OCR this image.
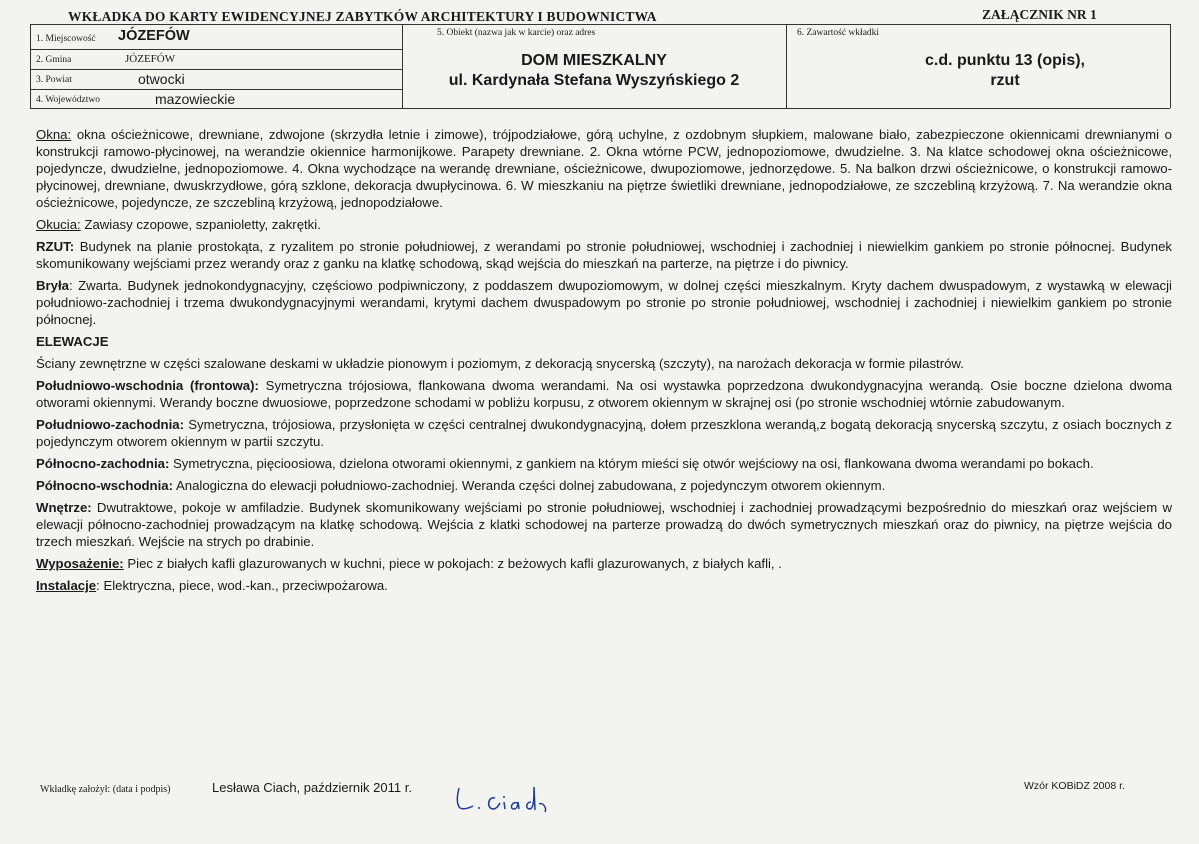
WKŁADKA DO KARTY EWIDENCYJNEJ ZABYTKÓW ARCHITEKTURY I BUDOWNICTWA	ZAŁĄCZNIK NR 1
1. Miejscowość JÓZEFÓW
2. Gmina	JÓZEFÓW
3. Powiat	otwocki
4. Województwo	mazowieckie
5. Obiekt (nazwa jak w karcie) oraz adres
DOM MIESZKALNY
ul. Kardynała Stefana Wyszyńskiego 2
6. Zawartość wkładki
c.d. punktu 13 (opis),
rzut

Okna: okna ościeżnicowe, drewniane, zdwojone (skrzydła letnie i zimowe), trójpodziałowe, górą uchylne, z ozdobnym słupkiem, malowane biało, zabezpieczone okiennicami drewnianymi o konstrukcji ramowo-płycinowej, na werandzie okiennice harmonijkowe. Parapety drewniane. 2. Okna wtórne PCW, jednopoziomowe, dwudzielne. 3. Na klatce schodowej okna ościeżnicowe, pojedyncze, dwudzielne, jednopoziomowe. 4. Okna wychodzące na werandę drewniane, ościeżnicowe, dwupoziomowe, jednorzędowe. 5. Na balkon drzwi ościeżnicowe, o konstrukcji ramowo-płycinowej, drewniane, dwuskrzydłowe, górą szklone, dekoracja dwupłycinowa. 6. W mieszkaniu na piętrze świetliki drewniane, jednopodziałowe, ze szczebliną krzyżową. 7. Na werandzie okna ościeżnicowe, pojedyncze, ze szczebliną krzyżową, jednopodziałowe.

Okucia: Zawiasy czopowe, szpanioletty, zakrętki.

RZUT: Budynek na planie prostokąta, z ryzalitem po stronie południowej, z werandami po stronie południowej, wschodniej i zachodniej i niewielkim gankiem po stronie północnej. Budynek skomunikowany wejściami przez werandy oraz z ganku na klatkę schodową, skąd wejścia do mieszkań na parterze, na piętrze i do piwnicy.

Bryła: Zwarta. Budynek jednokondygnacyjny, częściowo podpiwniczony, z poddaszem dwupoziomowym, w dolnej części mieszkalnym. Kryty dachem dwuspadowym, z wystawką w elewacji południowo-zachodniej i trzema dwukondygnacyjnymi werandami, krytymi dachem dwuspadowym po stronie po stronie południowej, wschodniej i zachodniej i niewielkim gankiem po stronie północnej.

ELEWACJE

Ściany zewnętrzne w części szalowane deskami w układzie pionowym i poziomym, z dekoracją snycerską (szczyty), na narożach dekoracja w formie pilastrów.

Południowo-wschodnia (frontowa): Symetryczna trójosiowa, flankowana dwoma werandami. Na osi wystawka poprzedzona dwukondygnacyjna werandą. Osie boczne dzielona dwoma otworami okiennymi. Werandy boczne dwuosiowe, poprzedzone schodami w pobliżu korpusu, z otworem okiennym w skrajnej osi (po stronie wschodniej wtórnie zabudowanym.

Południowo-zachodnia: Symetryczna, trójosiowa, przysłonięta w części centralnej dwukondygnacyjną, dołem przeszklona werandą,z bogatą dekoracją snycerską szczytu, z osiach bocznych z pojedynczym otworem okiennym w partii szczytu.

Północno-zachodnia: Symetryczna, pięcioosiowa, dzielona otworami okiennymi, z gankiem na którym mieści się otwór wejściowy na osi, flankowana dwoma werandami po bokach.

Północno-wschodnia: Analogiczna do elewacji południowo-zachodniej. Weranda części dolnej zabudowana, z pojedynczym otworem okiennym.

Wnętrze: Dwutraktowe, pokoje w amfiladzie. Budynek skomunikowany wejściami po stronie południowej, wschodniej i zachodniej prowadzącymi bezpośrednio do mieszkań oraz wejściem w elewacji północno-zachodniej prowadzącym na klatkę schodową. Wejścia z klatki schodowej na parterze prowadzą do dwóch symetrycznych mieszkań oraz do piwnicy, na piętrze wejścia do trzech mieszkań. Wejście na strych po drabinie.

Wyposażenie: Piec z białych kafli glazurowanych w kuchni, piece w pokojach: z beżowych kafli glazurowanych, z białych kafli, .

Instalacje: Elektryczna, piece, wod.-kan., przeciwpożarowa.

Wkładkę założył: (data i podpis)	Lesława Ciach, październik 2011 r.	Wzór KOBiDZ 2008 r.
